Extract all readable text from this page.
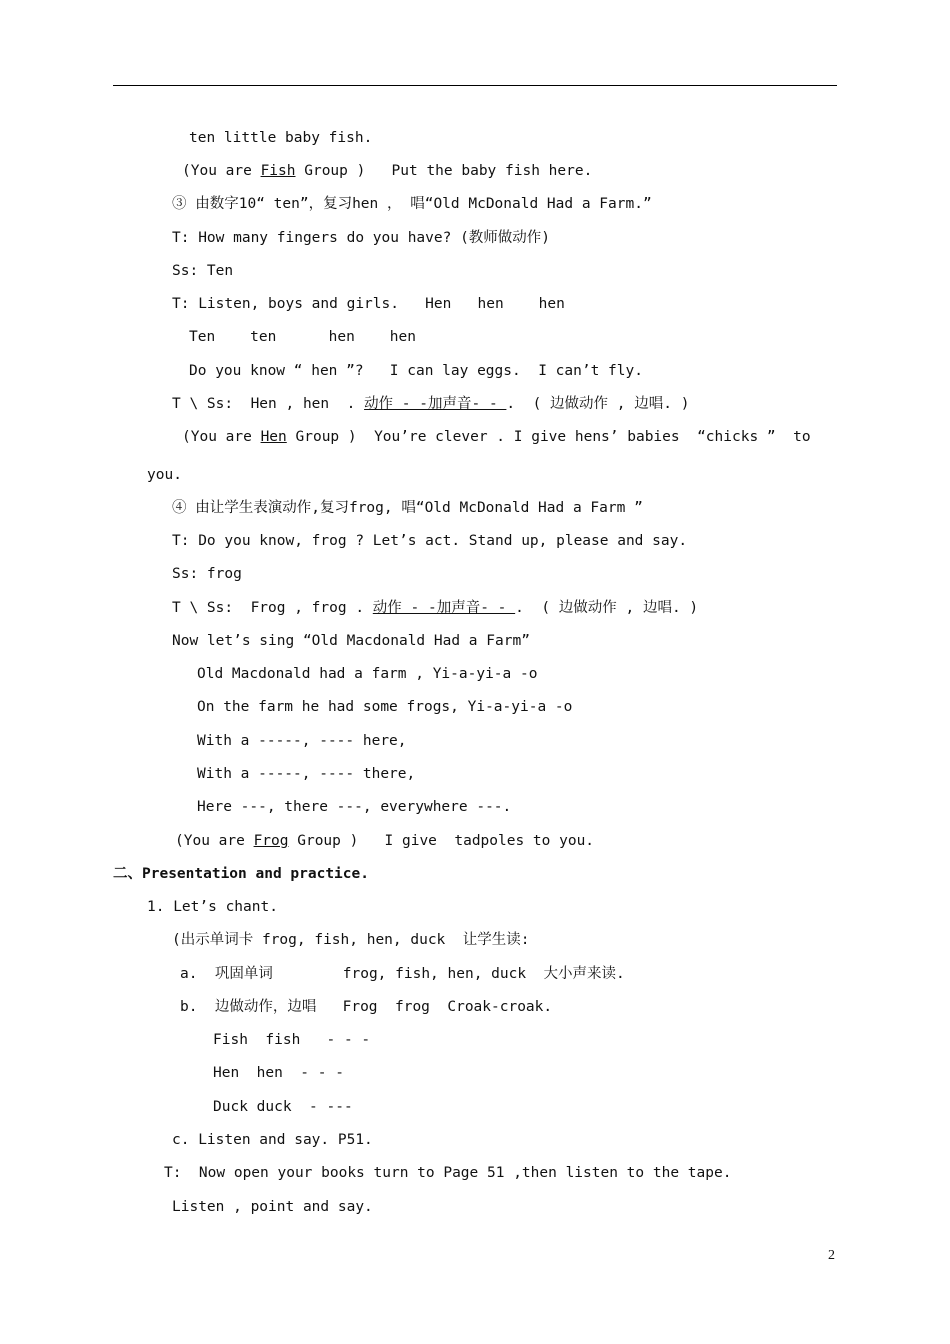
ten little baby fish.
(You are Fish Group )   Put the baby fish here.
③ 由数字10“ ten”，复习hen ， 唱“Old McDonald Had a Farm.”
T: How many fingers do you have? (教师做动作)
Ss: Ten
T: Listen, boys and girls.   Hen   hen    hen
Ten    ten      hen    hen
Do you know “ hen ”?   I can lay eggs.  I can’t fly.
T \ Ss:  Hen , hen  . 动作 - -加声音- - .  ( 边做动作 , 边唱. )
(You are Hen Group )  You’re clever . I give hens’ babies  “chicks ”  to
you.
④ 由让学生表演动作,复习frog, 唱“Old McDonald Had a Farm ”
T: Do you know, frog ? Let’s act. Stand up, please and say.
Ss: frog
T \ Ss:  Frog , frog . 动作 - -加声音- - .  ( 边做动作 , 边唱. )
Now let’s sing “Old Macdonald Had a Farm”
Old Macdonald had a farm , Yi-a-yi-a -o
On the farm he had some frogs, Yi-a-yi-a -o
With a -----, ---- here,
With a -----, ---- there,
Here ---, there ---, everywhere ---.
(You are Frog Group )   I give  tadpoles to you.
二、Presentation and practice.
1. Let’s chant.
(出示单词卡 frog, fish, hen, duck  让学生读:
a.  巩固单词        frog, fish, hen, duck  大小声来读.
b.  边做动作，边唱   Frog  frog  Croak-croak.
Fish  fish   - - -
Hen  hen  - - -
Duck duck  - ---
c. Listen and say. P51.
T:  Now open your books turn to Page 51 ,then listen to the tape.
Listen , point and say.
2
